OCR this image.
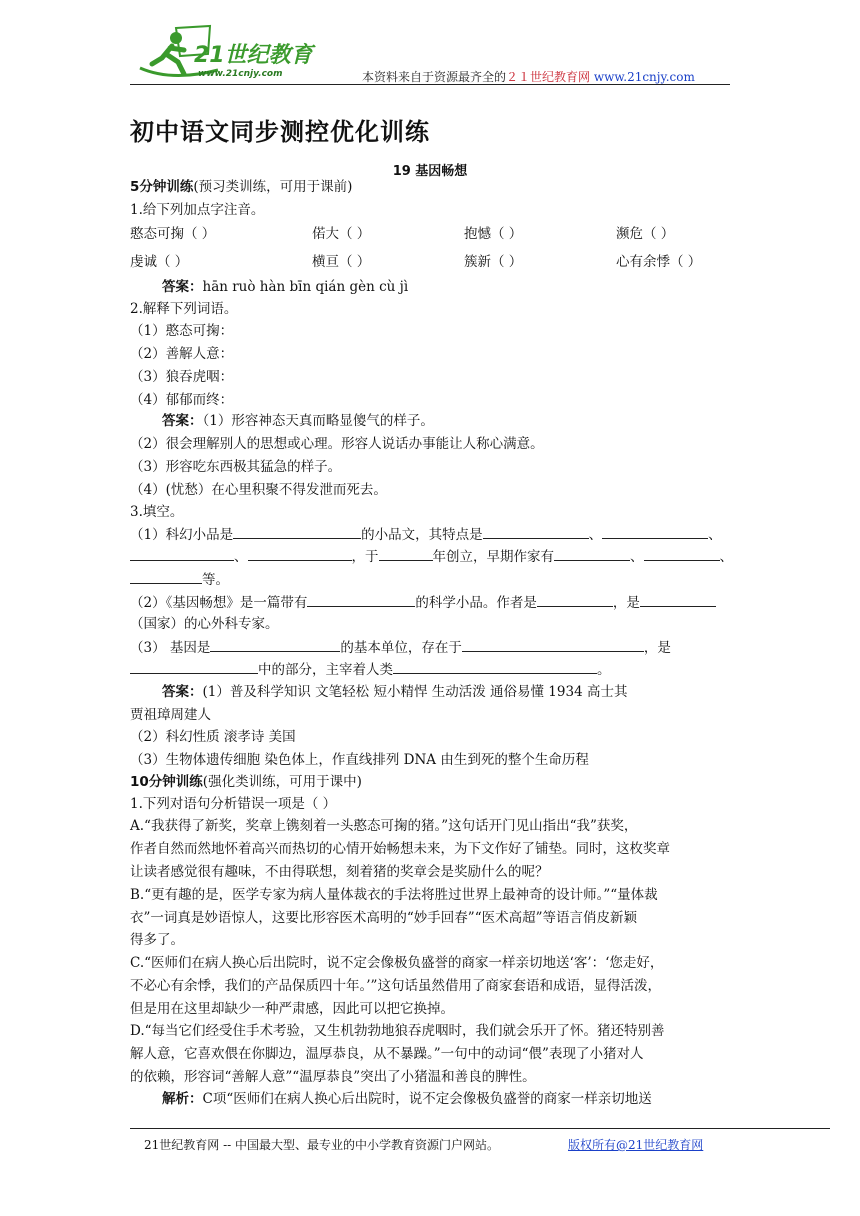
21世纪教育
www.21cnjy.com	本资料来自于资源最齐全的２１世纪教育网 www.21cnjy.com
初中语文同步测控优化训练
19 基因畅想
5分钟训练(预习类训练，可用于课前)
1.给下列加点字注音。
憨态可掬（ ）	偌大（ ）	抱憾（ ）	濒危（ ）
虔诚（ ）	横亘（ ）	簇新（ ）	心有余悸（ ）
答案：hān ruò hàn bīn qián gèn cù jì
2.解释下列词语。
（1）憨态可掬：
（2）善解人意：
（3）狼吞虎咽：
（4）郁郁而终：
答案：（1）形容神态天真而略显傻气的样子。
（2）很会理解别人的思想或心理。形容人说话办事能让人称心满意。
（3）形容吃东西极其猛急的样子。
（4）(忧愁）在心里积聚不得发泄而死去。
3.填空。
（1）科幻小品是	的小品文，其特点是	、	、
、	，于	年创立，早期作家有	、	、
等。
（2）《基因畅想》是一篇带有	的科学小品。作者是	，是
（国家）的心外科专家。
（3） 基因是	的基本单位，存在于	，是
中的部分，主宰着人类	。
答案：(1）普及科学知识 文笔轻松 短小精悍 生动活泼 通俗易懂 1934 高士其
贾祖璋周建人
（2）科幻性质 滚孝诗 美国
（3）生物体遗传细胞 染色体上，作直线排列 DNA 由生到死的整个生命历程
10分钟训练(强化类训练，可用于课中)
1.下列对语句分析错误一项是（ ）
A.“我获得了新奖，奖章上镌刻着一头憨态可掬的猪。”这句话开门见山指出“我”获奖，
作者自然而然地怀着高兴而热切的心情开始畅想未来，为下文作好了铺垫。同时，这枚奖章
让读者感觉很有趣味，不由得联想，刻着猪的奖章会是奖励什么的呢？
B.“更有趣的是，医学专家为病人量体裁衣的手法将胜过世界上最神奇的设计师。”“量体裁
衣”一词真是妙语惊人，这要比形容医术高明的“妙手回春”“医术高超”等语言俏皮新颖
得多了。
C.“医师们在病人换心后出院时，说不定会像极负盛誉的商家一样亲切地送‘客’：‘您走好，
不必心有余悸，我们的产品保质四十年。’”这句话虽然借用了商家套语和成语，显得活泼，
但是用在这里却缺少一种严肃感，因此可以把它换掉。
D.“每当它们经受住手术考验，又生机勃勃地狼吞虎咽时，我们就会乐开了怀。猪还特别善
解人意，它喜欢偎在你脚边，温厚恭良，从不暴躁。”一句中的动词“偎”表现了小猪对人
的依赖，形容词“善解人意”“温厚恭良”突出了小猪温和善良的脾性。
解析：C项“医师们在病人换心后出院时，说不定会像极负盛誉的商家一样亲切地送
21世纪教育网 -- 中国最大型、最专业的中小学教育资源门户网站。	版权所有@21世纪教育网
